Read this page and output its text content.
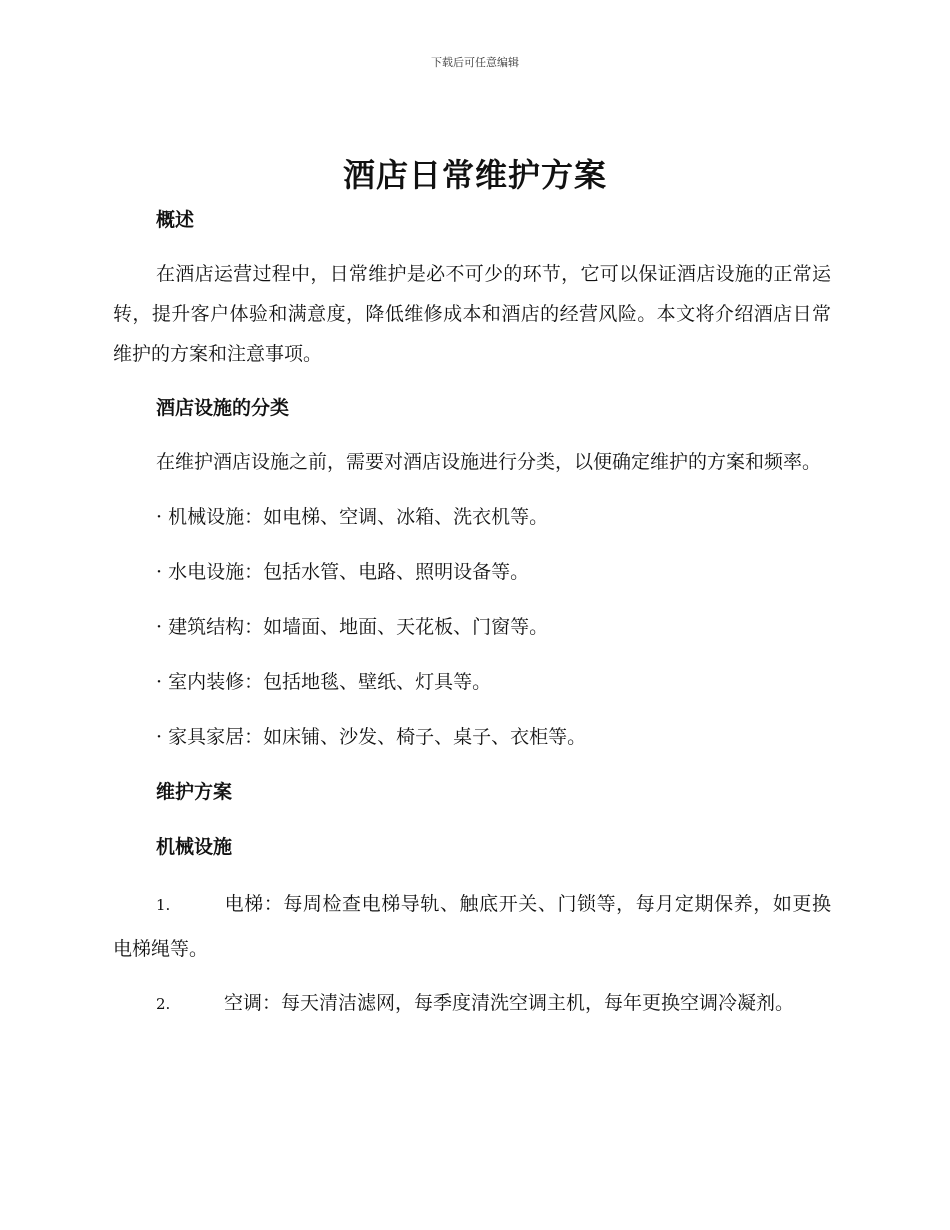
下载后可任意编辑
酒店日常维护方案

概述

在酒店运营过程中，日常维护是必不可少的环节，它可以保证酒店设施的正常运转，提升客户体验和满意度，降低维修成本和酒店的经营风险。本文将介绍酒店日常维护的方案和注意事项。

酒店设施的分类

在维护酒店设施之前，需要对酒店设施进行分类，以便确定维护的方案和频率。

· 机械设施：如电梯、空调、冰箱、洗衣机等。

· 水电设施：包括水管、电路、照明设备等。

· 建筑结构：如墙面、地面、天花板、门窗等。

· 室内装修：包括地毯、壁纸、灯具等。

· 家具家居：如床铺、沙发、椅子、桌子、衣柜等。

维护方案

机械设施

1.	电梯：每周检查电梯导轨、触底开关、门锁等，每月定期保养，如更换电梯绳等。

2.	空调：每天清洁滤网，每季度清洗空调主机，每年更换空调冷凝剂。
